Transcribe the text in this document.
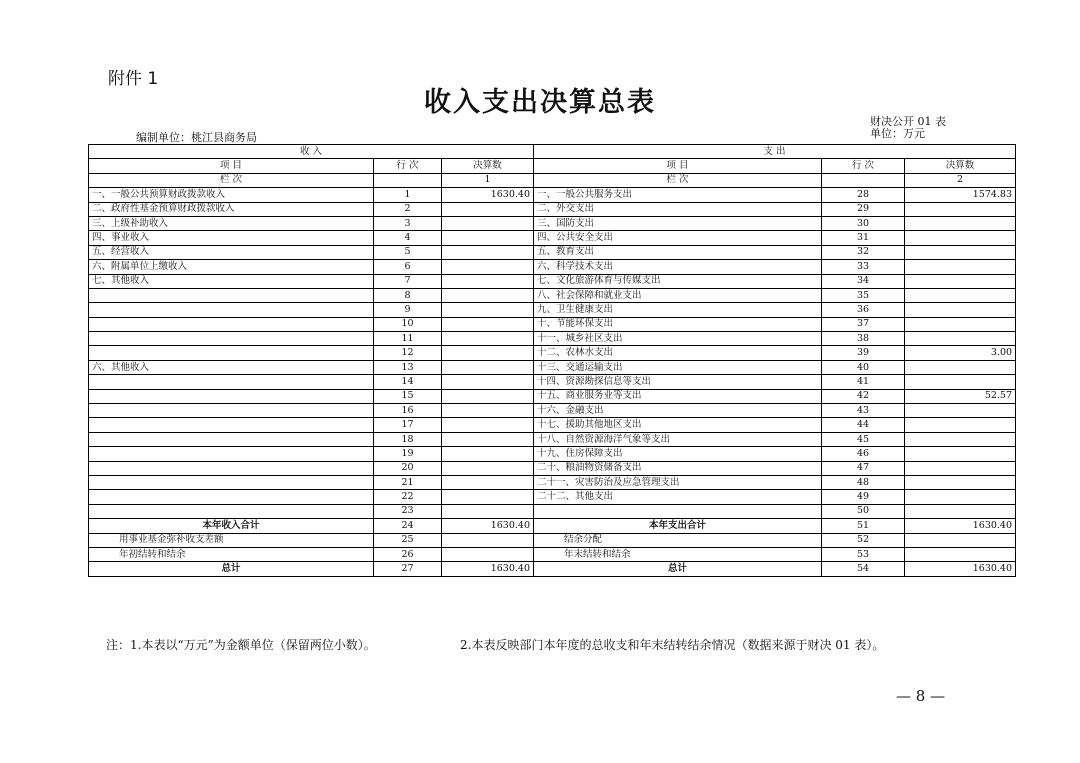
附件 1
收入支出决算总表
财决公开 01 表
单位：万元
编制单位：桃江县商务局
收 入			支 出		
项 目	行 次	决算数	项 目	行 次	决算数
栏 次		1	栏 次		2
一、一般公共预算财政拨款收入	1	1630.40	一、一般公共服务支出	28	1574.83
二、政府性基金预算财政拨款收入	2		二、外交支出	29	
三、上级补助收入	3		三、国防支出	30	
四、事业收入	4		四、公共安全支出	31	
五、经营收入	5		五、教育支出	32	
六、附属单位上缴收入	6		六、科学技术支出	33	
七、其他收入	7		七、文化旅游体育与传媒支出	34	
	8		八、社会保障和就业支出	35	
	9		九、卫生健康支出	36	
	10		十、节能环保支出	37	
	11		十一、城乡社区支出	38	
	12		十二、农林水支出	39	3.00
六、其他收入	13		十三、交通运输支出	40	
	14		十四、资源勘探信息等支出	41	
	15		十五、商业服务业等支出	42	52.57
	16		十六、金融支出	43	
	17		十七、援助其他地区支出	44	
	18		十八、自然资源海洋气象等支出	45	
	19		十九、住房保障支出	46	
	20		二十、粮油物资储备支出	47	
	21		二十一、灾害防治及应急管理支出	48	
	22		二十二、其他支出	49	
	23			50	
本年收入合计	24	1630.40	本年支出合计	51	1630.40
用事业基金弥补收支差额	25		结余分配	52	
年初结转和结余	26		年末结转和结余	53	
总计	27	1630.40	总计	54	1630.40
注：1.本表以“万元”为金额单位（保留两位小数）。	2.本表反映部门本年度的总收支和年末结转结余情况（数据来源于财决 01 表）。
— 8 —
